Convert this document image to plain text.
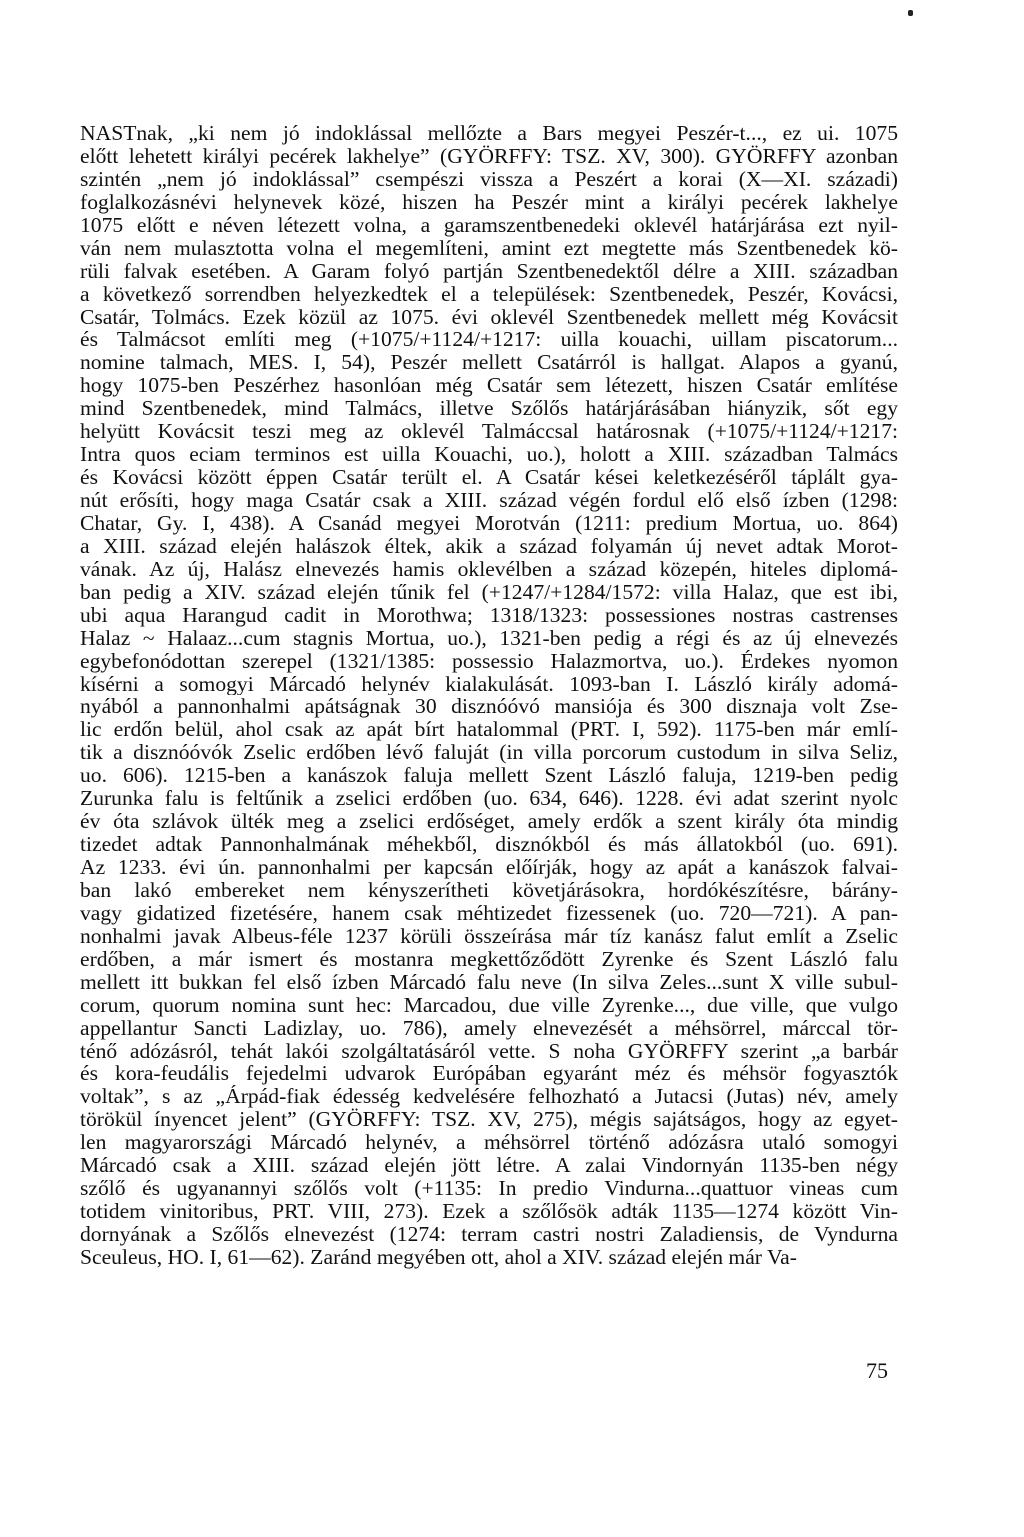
NASTnak, „ki nem jó indoklással mellőzte a Bars megyei Peszér-t..., ez ui. 1075
előtt lehetett királyi pecérek lakhelye” (GYÖRFFY: TSZ. XV, 300). GYÖRFFY azonban
szintén „nem jó indoklással” csempészi vissza a Peszért a korai (X—XI. századi)
foglalkozásnévi helynevek közé, hiszen ha Peszér mint a királyi pecérek lakhelye
1075 előtt e néven létezett volna, a garamszentbenedeki oklevél határjárása ezt nyil-
ván nem mulasztotta volna el megemlíteni, amint ezt megtette más Szentbenedek kö-
rüli falvak esetében. A Garam folyó partján Szentbenedektől délre a XIII. században
a következő sorrendben helyezkedtek el a települések: Szentbenedek, Peszér, Kovácsi,
Csatár, Tolmács. Ezek közül az 1075. évi oklevél Szentbenedek mellett még Kovácsit
és Talmácsot említi meg (+1075/+1124/+1217: uilla kouachi, uillam piscatorum...
nomine talmach, MES. I, 54), Peszér mellett Csatárról is hallgat. Alapos a gyanú,
hogy 1075-ben Peszérhez hasonlóan még Csatár sem létezett, hiszen Csatár említése
mind Szentbenedek, mind Talmács, illetve Szőlős határjárásában hiányzik, sőt egy
helyütt Kovácsit teszi meg az oklevél Talmáccsal határosnak (+1075/+1124/+1217:
Intra quos eciam terminos est uilla Kouachi, uo.), holott a XIII. században Talmács
és Kovácsi között éppen Csatár terült el. A Csatár kései keletkezéséről táplált gya-
nút erősíti, hogy maga Csatár csak a XIII. század végén fordul elő első ízben (1298:
Chatar, Gy. I, 438). A Csanád megyei Morotván (1211: predium Mortua, uo. 864)
a XIII. század elején halászok éltek, akik a század folyamán új nevet adtak Morot-
vának. Az új, Halász elnevezés hamis oklevélben a század közepén, hiteles diplomá-
ban pedig a XIV. század elején tűnik fel (+1247/+1284/1572: villa Halaz, que est ibi,
ubi aqua Harangud cadit in Morothwa; 1318/1323: possessiones nostras castrenses
Halaz ~ Halaaz...cum stagnis Mortua, uo.), 1321-ben pedig a régi és az új elnevezés
egybefonódottan szerepel (1321/1385: possessio Halazmortva, uo.). Érdekes nyomon
kísérni a somogyi Márcadó helynév kialakulását. 1093-ban I. László király adomá-
nyából a pannonhalmi apátságnak 30 disznóóvó mansiója és 300 disznaja volt Zse-
lic erdőn belül, ahol csak az apát bírt hatalommal (PRT. I, 592). 1175-ben már emlí-
tik a disznóóvók Zselic erdőben lévő faluját (in villa porcorum custodum in silva Seliz,
uo. 606). 1215-ben a kanászok faluja mellett Szent László faluja, 1219-ben pedig
Zurunka falu is feltűnik a zselici erdőben (uo. 634, 646). 1228. évi adat szerint nyolc
év óta szlávok ülték meg a zselici erdőséget, amely erdők a szent király óta mindig
tizedet adtak Pannonhalmának méhekből, disznókból és más állatokból (uo. 691).
Az 1233. évi ún. pannonhalmi per kapcsán előírják, hogy az apát a kanászok falvai-
ban lakó embereket nem kényszerítheti követjárásokra, hordókészítésre, bárány-
vagy gidatized fizetésére, hanem csak méhtizedet fizessenek (uo. 720—721). A pan-
nonhalmi javak Albeus-féle 1237 körüli összeírása már tíz kanász falut említ a Zselic
erdőben, a már ismert és mostanra megkettőződött Zyrenke és Szent László falu
mellett itt bukkan fel első ízben Márcadó falu neve (In silva Zeles...sunt X ville subul-
corum, quorum nomina sunt hec: Marcadou, due ville Zyrenke..., due ville, que vulgo
appellantur Sancti Ladizlay, uo. 786), amely elnevezését a méhsörrel, márccal tör-
ténő adózásról, tehát lakói szolgáltatásáról vette. S noha GYÖRFFY szerint „a barbár
és kora-feudális fejedelmi udvarok Európában egyaránt méz és méhsör fogyasztók
voltak”, s az „Árpád-fiak édesség kedvelésére felhozható a Jutacsi (Jutas) név, amely
törökül ínyencet jelent” (GYÖRFFY: TSZ. XV, 275), mégis sajátságos, hogy az egyet-
len magyarországi Márcadó helynév, a méhsörrel történő adózásra utaló somogyi
Márcadó csak a XIII. század elején jött létre. A zalai Vindornyán 1135-ben négy
szőlő és ugyanannyi szőlős volt (+1135: In predio Vindurna...quattuor vineas cum
totidem vinitoribus, PRT. VIII, 273). Ezek a szőlősök adták 1135—1274 között Vin-
dornyának a Szőlős elnevezést (1274: terram castri nostri Zaladiensis, de Vyndurna
Sceuleus, HO. I, 61—62). Zaránd megyében ott, ahol a XIV. század elején már Va-
75
